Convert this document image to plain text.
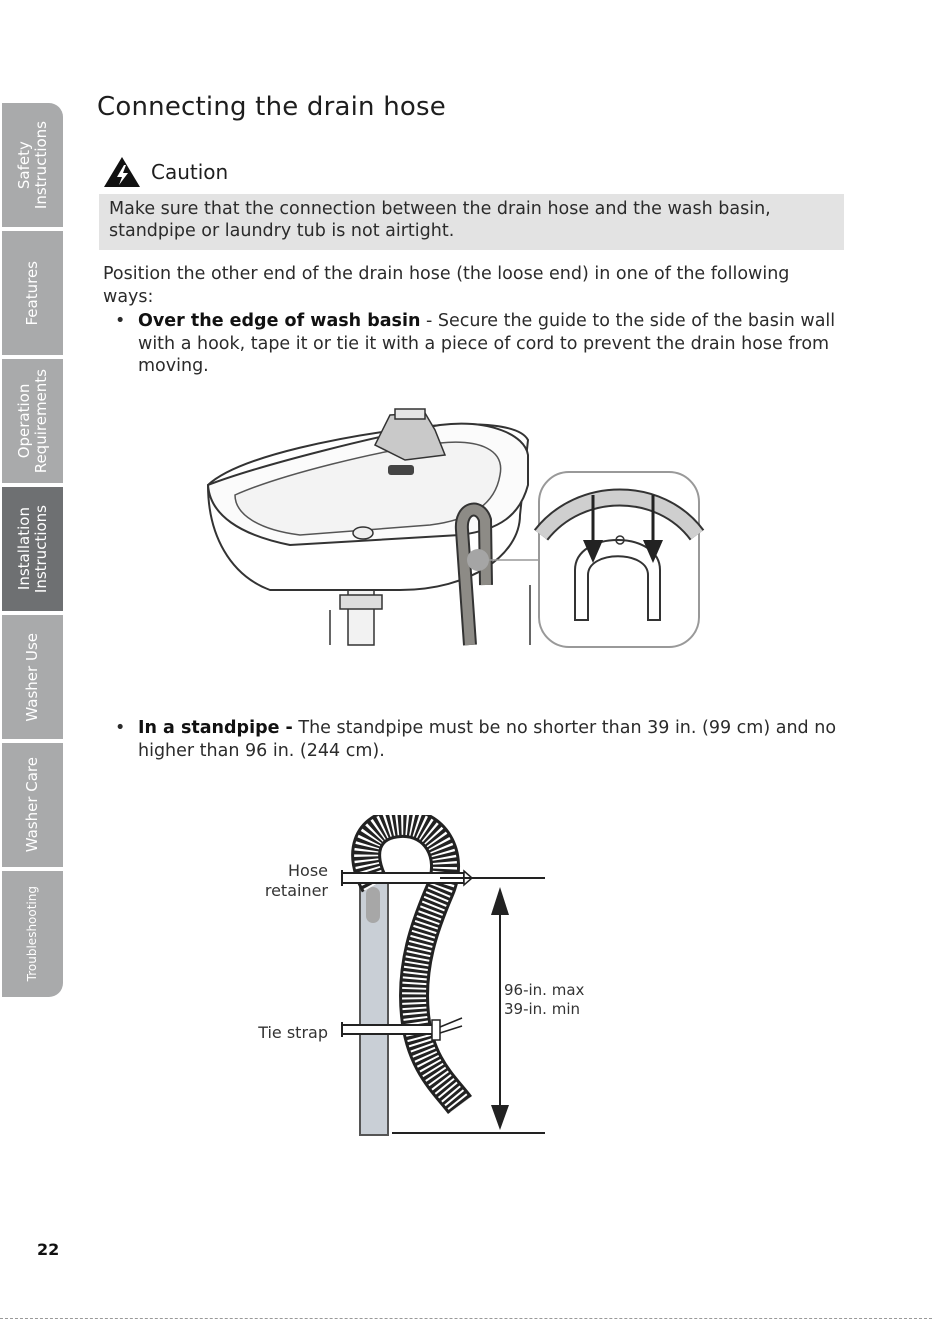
Safety
Instructions
Features
Operation
Requirements
Installation
Instructions
Washer Use
Washer Care
Troubleshooting
Connecting the drain hose
Caution
Make sure that the connection between the drain hose and the wash basin, standpipe or laundry tub is not airtight.

Position the other end of the drain hose (the loose end) in one of the following ways:

• Over the edge of wash basin - Secure the guide to the side of the basin wall with a hook, tape it or tie it with a piece of cord to prevent the drain hose from moving.
• In a standpipe - The standpipe must be no shorter than 39 in. (99 cm) and no higher than 96 in. (244 cm).
Hose
retainer
Tie strap
96-in. max
39-in. min
22
